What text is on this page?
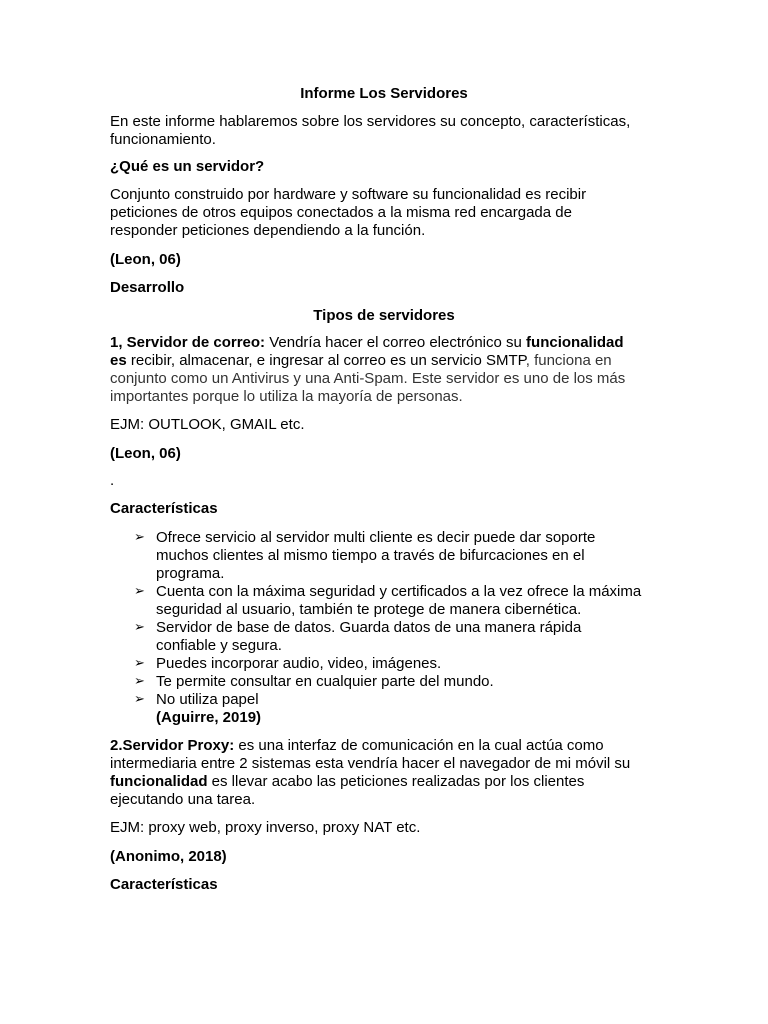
Informe Los Servidores
En este informe hablaremos sobre los servidores su concepto, características,
funcionamiento.
¿Qué es un servidor?
Conjunto construido por hardware y software su funcionalidad es recibir
peticiones de otros equipos conectados a la misma red encargada de
responder peticiones dependiendo a la función.
(Leon, 06)
Desarrollo
Tipos de servidores
1, Servidor de correo: Vendría hacer el correo electrónico su funcionalidad
es recibir, almacenar, e ingresar al correo es un servicio SMTP, funciona en
conjunto como un Antivirus y una Anti-Spam. Este servidor es uno de los más
importantes porque lo utiliza la mayoría de personas.
EJM: OUTLOOK, GMAIL etc.
(Leon, 06)
.
Características
➢ Ofrece servicio al servidor multi cliente es decir puede dar soporte
muchos clientes al mismo tiempo a través de bifurcaciones en el
programa.
➢ Cuenta con la máxima seguridad y certificados a la vez ofrece la máxima
seguridad al usuario, también te protege de manera cibernética.
➢ Servidor de base de datos. Guarda datos de una manera rápida
confiable y segura.
➢ Puedes incorporar audio, video, imágenes.
➢ Te permite consultar en cualquier parte del mundo.
➢ No utiliza papel
(Aguirre, 2019)
2.Servidor Proxy: es una interfaz de comunicación en la cual actúa como
intermediaria entre 2 sistemas esta vendría hacer el navegador de mi móvil su
funcionalidad es llevar acabo las peticiones realizadas por los clientes
ejecutando una tarea.
EJM: proxy web, proxy inverso, proxy NAT etc.
(Anonimo, 2018)
Características
